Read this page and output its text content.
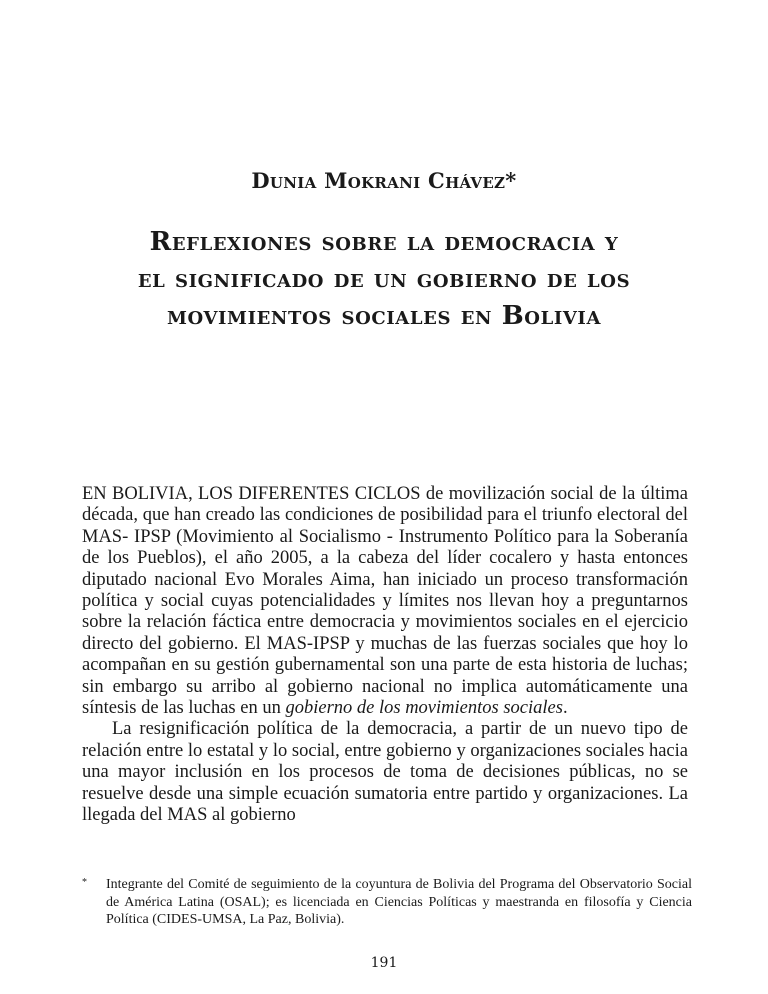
Dunia Mokrani Chávez*
Reflexiones sobre la democracia y
el significado de un gobierno de los
movimientos sociales en Bolivia

EN BOLIVIA, LOS DIFERENTES CICLOS de movilización social de la última década, que han creado las condiciones de posibilidad para el triunfo electoral del MAS- IPSP (Movimiento al Socialismo - Instrumento Político para la Soberanía de los Pueblos), el año 2005, a la cabeza del líder cocalero y hasta entonces diputado nacional Evo Morales Aima, han iniciado un proceso transformación política y social cuyas potencialidades y límites nos llevan hoy a preguntarnos sobre la relación fáctica entre democracia y movimientos sociales en el ejercicio directo del gobierno. El MAS-IPSP y muchas de las fuerzas sociales que hoy lo acompañan en su gestión gubernamental son una parte de esta historia de luchas; sin embargo su arribo al gobierno nacional no implica automáticamente una síntesis de las luchas en un gobierno de los movimientos sociales.

La resignificación política de la democracia, a partir de un nuevo tipo de relación entre lo estatal y lo social, entre gobierno y organizaciones sociales hacia una mayor inclusión en los procesos de toma de decisiones públicas, no se resuelve desde una simple ecuación sumatoria entre partido y organizaciones. La llegada del MAS al gobierno

* Integrante del Comité de seguimiento de la coyuntura de Bolivia del Programa del Observatorio Social de América Latina (OSAL); es licenciada en Ciencias Políticas y maestranda en filosofía y Ciencia Política (CIDES-UMSA, La Paz, Bolivia).

191
